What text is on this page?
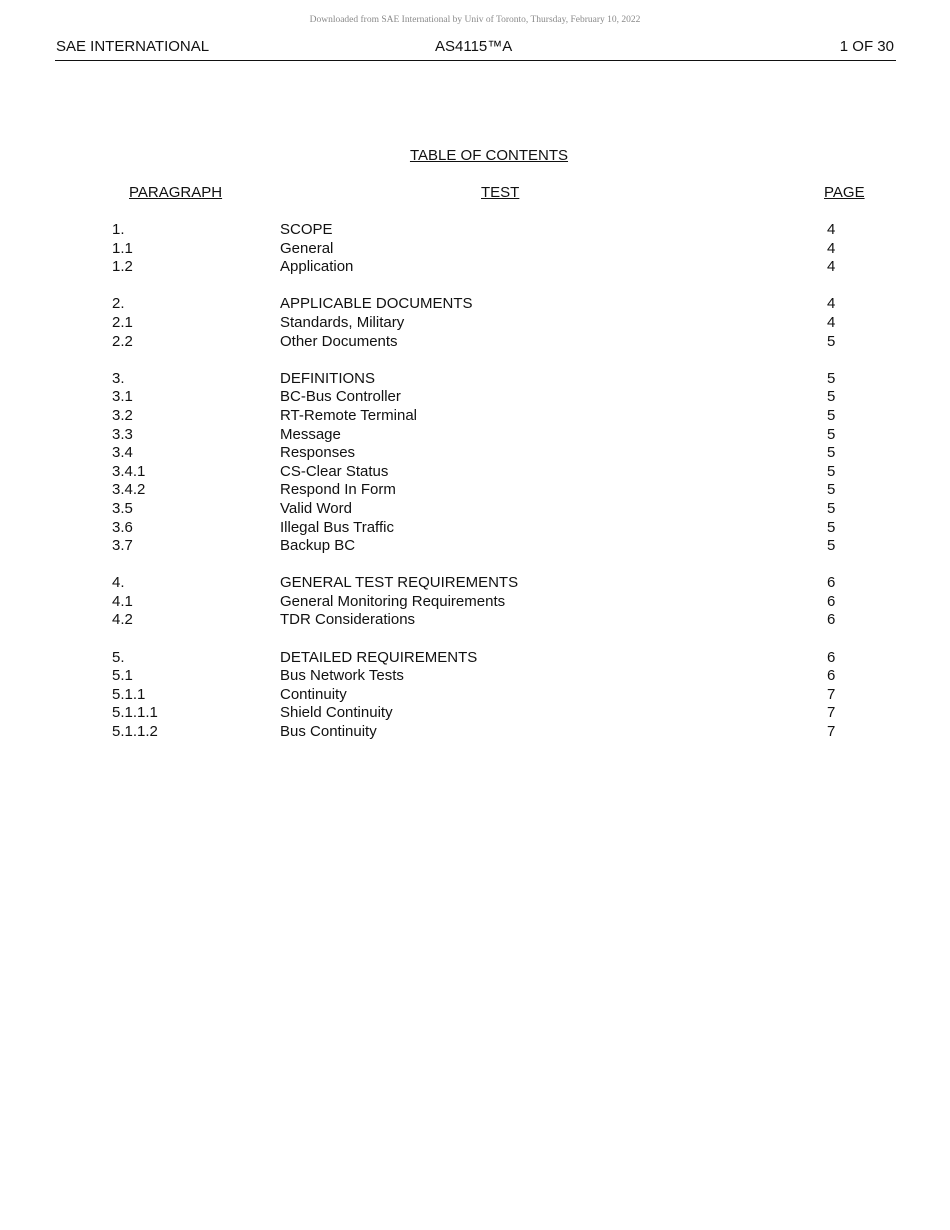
Downloaded from SAE International by Univ of Toronto, Thursday, February 10, 2022
SAE INTERNATIONAL	AS4115™A	1 OF 30
TABLE OF CONTENTS
PARAGRAPH	TEST	PAGE
1.	SCOPE	4
1.1	General	4
1.2	Application	4
2.	APPLICABLE DOCUMENTS	4
2.1	Standards, Military	4
2.2	Other Documents	5
3.	DEFINITIONS	5
3.1	BC-Bus Controller	5
3.2	RT-Remote Terminal	5
3.3	Message	5
3.4	Responses	5
3.4.1	CS-Clear Status	5
3.4.2	Respond In Form	5
3.5	Valid Word	5
3.6	Illegal Bus Traffic	5
3.7	Backup BC	5
4.	GENERAL TEST REQUIREMENTS	6
4.1	General Monitoring Requirements	6
4.2	TDR Considerations	6
5.	DETAILED REQUIREMENTS	6
5.1	Bus Network Tests	6
5.1.1	Continuity	7
5.1.1.1	Shield Continuity	7
5.1.1.2	Bus Continuity	7
